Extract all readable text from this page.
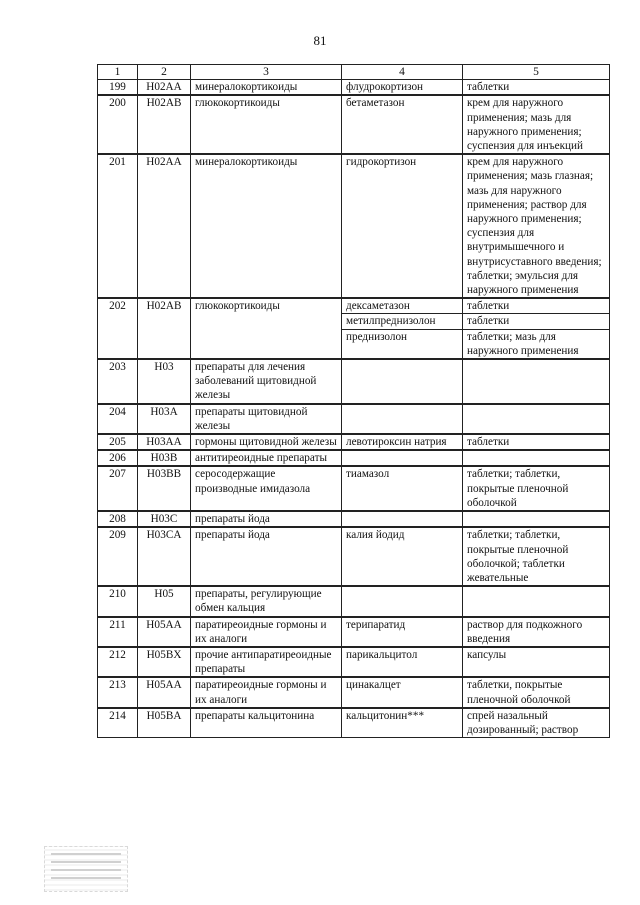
81
1	2	3	4	5
199	H02AA	минералокортикоиды	флудрокортизон	таблетки
200	H02AB	глюкокортикоиды	бетаметазон	крем для наружного применения; мазь для наружного применения; суспензия для инъекций
201	H02AA	минералокортикоиды	гидрокортизон	крем для наружного применения; мазь глазная; мазь для наружного применения; раствор для наружного применения; суспензия для внутримышечного и внутрисуставного введения; таблетки; эмульсия для наружного применения
202	H02AB	глюкокортикоиды	дексаметазон	таблетки
			метилпреднизолон	таблетки
			преднизолон	таблетки; мазь для наружного применения
203	H03	препараты для лечения заболеваний щитовидной железы		
204	H03A	препараты щитовидной железы		
205	H03AA	гормоны щитовидной железы	левотироксин натрия	таблетки
206	H03B	антитиреоидные препараты		
207	H03BB	серосодержащие производные имидазола	тиамазол	таблетки; таблетки, покрытые пленочной оболочкой
208	H03C	препараты йода		
209	H03CA	препараты йода	калия йодид	таблетки; таблетки, покрытые пленочной оболочкой; таблетки жевательные
210	H05	препараты, регулирующие обмен кальция		
211	H05AA	паратиреоидные гормоны и их аналоги	терипаратид	раствор для подкожного введения
212	H05BX	прочие антипаратиреоидные препараты	парикальцитол	капсулы
213	H05AA	паратиреоидные гормоны и их аналоги	цинакалцет	таблетки, покрытые пленочной оболочкой
214	H05BA	препараты кальцитонина	кальцитонин***	спрей назальный дозированный; раствор
